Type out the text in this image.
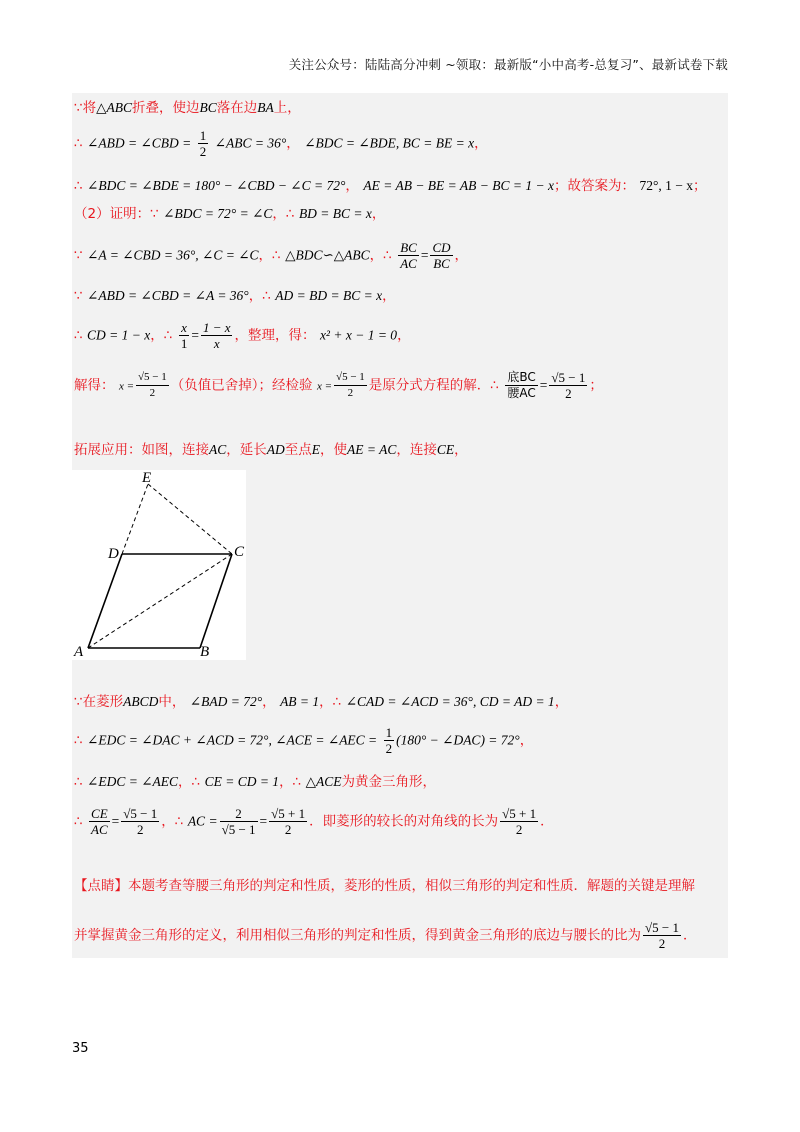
关注公众号：陆陆高分冲刺 ~领取：最新版“小中高考-总复习”、最新试卷下载
∵将△ABC折叠，使边BC落在边BA上，
∴ ∠ABD = ∠CBD = $\frac{1}{2}$ ∠ABC = 36°， ∠BDC = ∠BDE, BC = BE = x，
∴ ∠BDC = ∠BDE = 180° − ∠CBD − ∠C = 72°， AE = AB − BE = AB − BC = 1 − x；故答案为： 72°, 1 − x；
（2）证明：∵ ∠BDC = 72° = ∠C，∴ BD = BC = x，
∵ ∠A = ∠CBD = 36°, ∠C = ∠C，∴ △BDC∽△ABC，∴ $\frac{BC}{AC} = \frac{CD}{BC}$ ，
∵ ∠ABD = ∠CBD = ∠A = 36°，∴ AD = BD = BC = x，
∴ CD = 1 − x，∴ $\frac{x}{1} = \frac{1 - x}{x}$ ，整理，得： x² + x − 1 = 0，
解得： $x = \frac{√5 - 1}{2}$ （负值已舍掉）；经检验 $x = \frac{√5 - 1}{2}$ 是原分式方程的解．∴ $\frac{\text{底BC}}{\text{腰AC}} = \frac{√5 - 1}{2}$ ；
拓展应用：如图，连接AC，延长AD至点E，使AE = AC，连接CE，
E
D	C
A	B
∵在菱形ABCD中， ∠BAD = 72°， AB = 1，∴ ∠CAD = ∠ACD = 36°, CD = AD = 1，
∴ ∠EDC = ∠DAC + ∠ACD = 72°, ∠ACE = ∠AEC = $\frac{1}{2} (180^\circ$ − ∠DAC) = 72°，
∴ ∠EDC = ∠AEC，∴ CE = CD = 1，∴ △ACE为黄金三角形，
∴ $\frac{CE}{AC} = \frac{√5 - 1}{2}$ ，∴ AC = $\frac{2}{√5 - 1} = \frac{√5 + 1}{2}$ ．即菱形的较长的对角线的长为 $\frac{√5 + 1}{2}$ ．
【点睛】本题考查等腰三角形的判定和性质，菱形的性质，相似三角形的判定和性质．解题的关键是理解
并掌握黄金三角形的定义，利用相似三角形的判定和性质，得到黄金三角形的底边与腰长的比为 $\frac{√5 - 1}{2}$ ．
35
